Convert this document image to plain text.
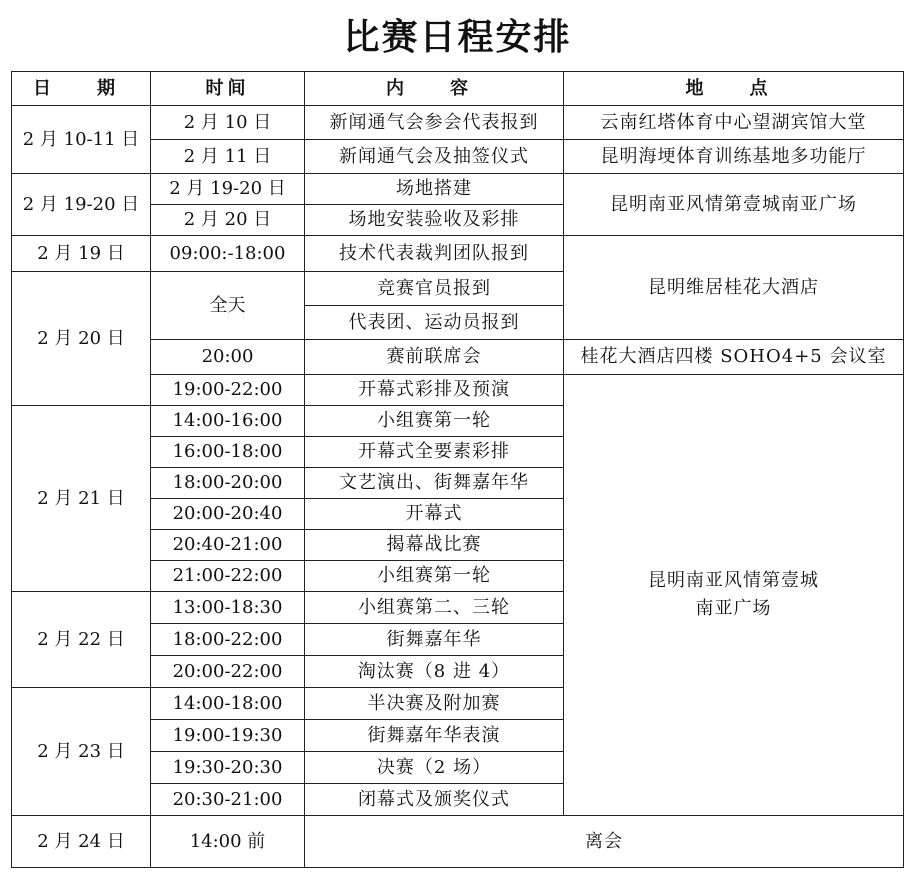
比赛日程安排
日　期	时间	内　容	地　点
2 月 10-11 日	2 月 10 日	新闻通气会参会代表报到	云南红塔体育中心望湖宾馆大堂
	2 月 11 日	新闻通气会及抽签仪式	昆明海埂体育训练基地多功能厅
2 月 19-20 日	2 月 19-20 日	场地搭建	昆明南亚风情第壹城南亚广场
	2 月 20 日	场地安装验收及彩排	
2 月 19 日	09:00:-18:00	技术代表裁判团队报到	昆明维居桂花大酒店
2 月 20 日	全天	竞赛官员报到	
		代表团、运动员报到	
	20:00	赛前联席会	桂花大酒店四楼 SOHO4+5 会议室
	19:00-22:00	开幕式彩排及预演	昆明南亚风情第壹城
南亚广场

2 月 21 日	14:00-16:00	小组赛第一轮	
	16:00-18:00	开幕式全要素彩排	
	18:00-20:00	文艺演出、街舞嘉年华	
	20:00-20:40	开幕式	
	20:40-21:00	揭幕战比赛	
	21:00-22:00	小组赛第一轮	
2 月 22 日	13:00-18:30	小组赛第二、三轮	
	18:00-22:00	街舞嘉年华	
	20:00-22:00	淘汰赛（8 进 4）	
2 月 23 日	14:00-18:00	半决赛及附加赛	
	19:00-19:30	街舞嘉年华表演	
	19:30-20:30	决赛（2 场）	
	20:30-21:00	闭幕式及颁奖仪式	
2 月 24 日	14:00 前	离会	
